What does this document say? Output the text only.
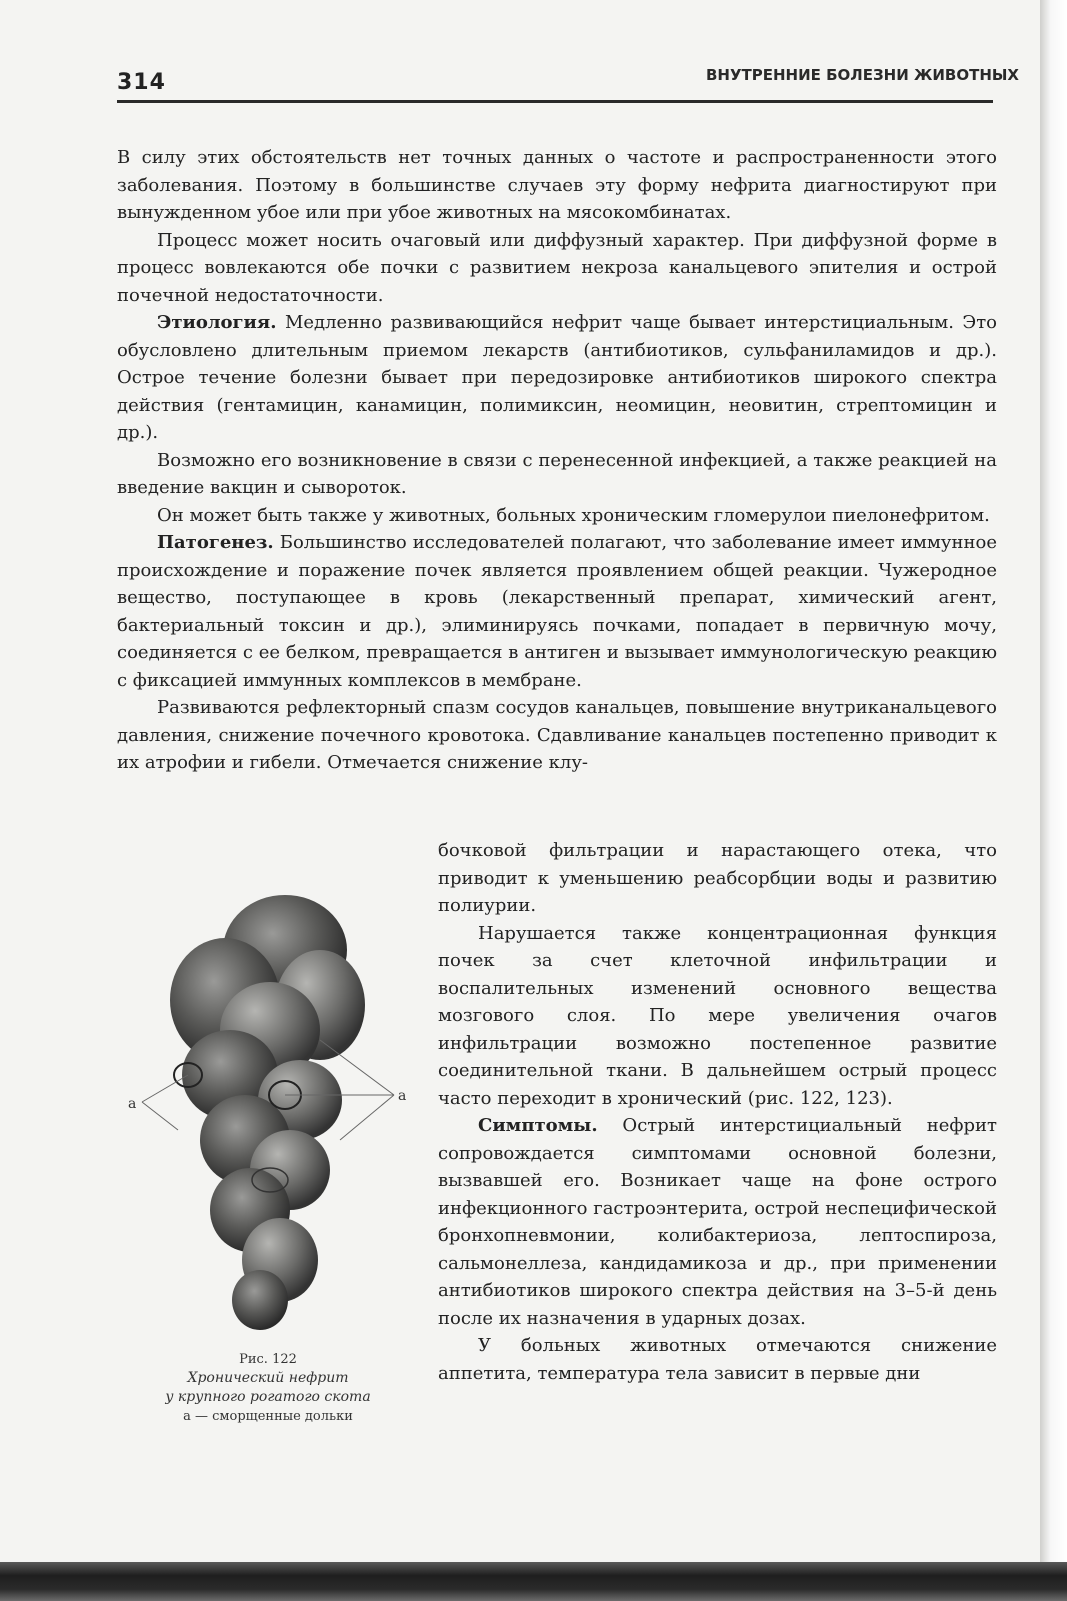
314	ВНУТРЕННИЕ БОЛЕЗНИ ЖИВОТНЫХ

В силу этих обстоятельств нет точных данных о частоте и распространенности этого заболевания. Поэтому в большинстве случаев эту форму нефрита диагностируют при вынужденном убое или при убое животных на мясокомбинатах.

Процесс может носить очаговый или диффузный характер. При диффузной форме в процесс вовлекаются обе почки с развитием некроза канальцевого эпителия и острой почечной недостаточности.

Этиология. Медленно развивающийся нефрит чаще бывает интерстициальным. Это обусловлено длительным приемом лекарств (антибиотиков, сульфаниламидов и др.). Острое течение болезни бывает при передозировке антибиотиков широкого спектра действия (гентамицин, канамицин, полимиксин, неомицин, неовитин, стрептомицин и др.).

Возможно его возникновение в связи с перенесенной инфекцией, а также реакцией на введение вакцин и сывороток.

Он может быть также у животных, больных хроническим гломерулои пиелонефритом.

Патогенез. Большинство исследователей полагают, что заболевание имеет иммунное происхождение и поражение почек является проявлением общей реакции. Чужеродное вещество, поступающее в кровь (лекарственный препарат, химический агент, бактериальный токсин и др.), элиминируясь почками, попадает в первичную мочу, соединяется с ее белком, превращается в антиген и вызывает иммунологическую реакцию с фиксацией иммунных комплексов в мембране.

Развиваются рефлекторный спазм сосудов канальцев, повышение внутриканальцевого давления, снижение почечного кровотока. Сдавливание канальцев постепенно приводит к их атрофии и гибели. Отмечается снижение клу-

бочковой фильтрации и нарастающего отека, что приводит к уменьшению реабсорбции воды и развитию полиурии.

Нарушается также концентрационная функция почек за счет клеточной инфильтрации и воспалительных изменений основного вещества мозгового слоя. По мере увеличения очагов инфильтрации возможно постепенное развитие соединительной ткани. В дальнейшем острый процесс часто переходит в хронический (рис. 122, 123).

Симптомы. Острый интерстициальный нефрит сопровождается симптомами основной болезни, вызвавшей его. Возникает чаще на фоне острого инфекционного гастроэнтерита, острой неспецифической бронхопневмонии, колибактериоза, лептоспироза, сальмонеллеза, кандидамикоза и др., при применении антибиотиков широкого спектра действия на 3–5-й день после их назначения в ударных дозах.

У больных животных отмечаются снижение аппетита, температура тела зависит в первые дни

а	а
Рис. 122
Хронический нефрит
у крупного рогатого скота
а — сморщенные дольки
